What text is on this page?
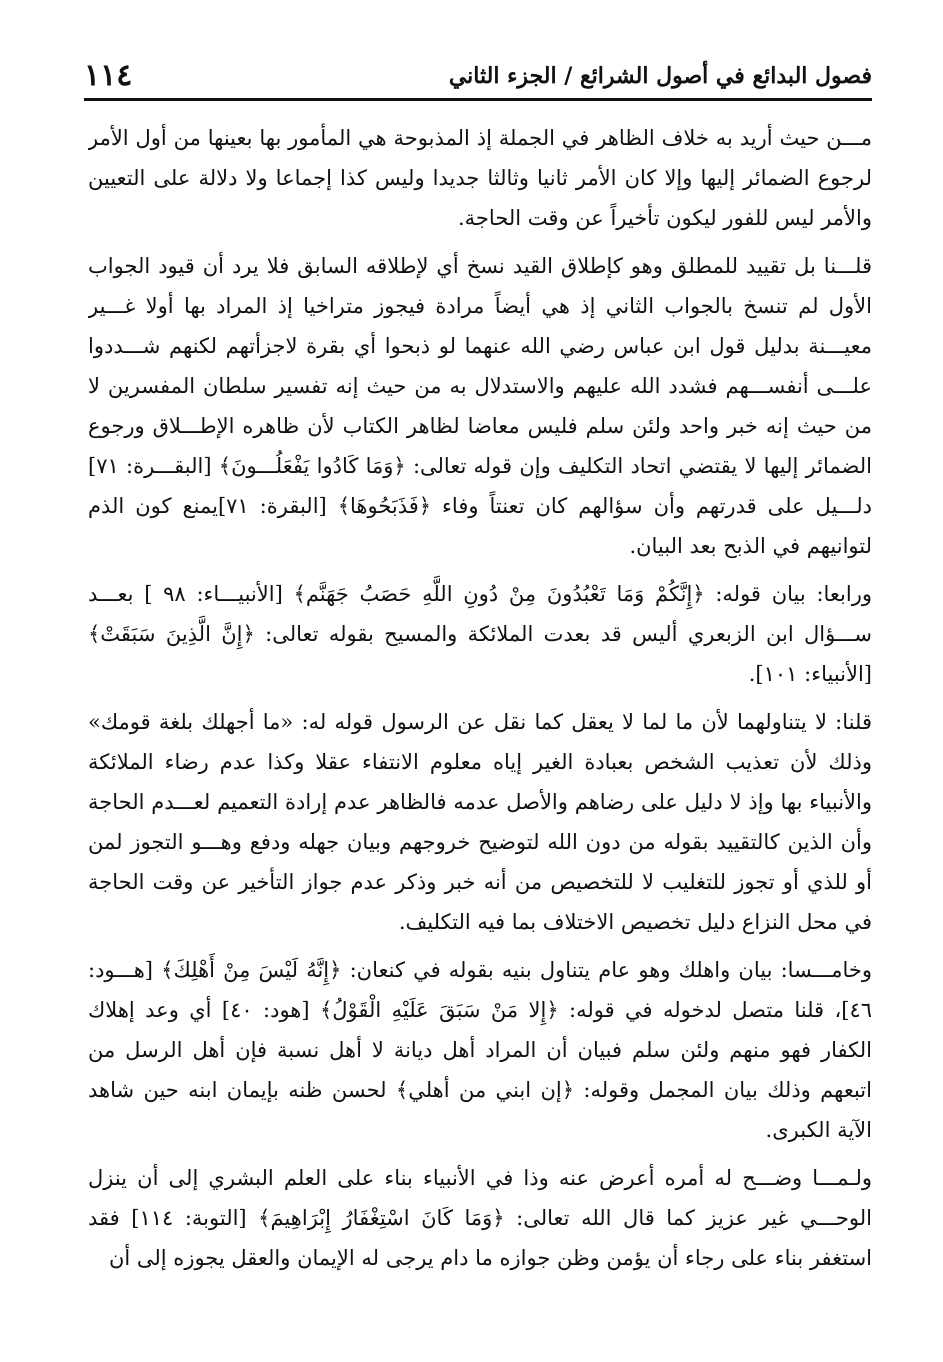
فصول البدائع في أصول الشرائع / الجزء الثاني
١١٤

مـــن حيث أريد به خلاف الظاهر في الجملة إذ المذبوحة هي المأمور بها بعينها من أول الأمر لرجوع الضمائر إليها وإلا كان الأمر ثانيا وثالثا جديدا وليس كذا إجماعا ولا دلالة على التعيين والأمر ليس للفور ليكون تأخيراً عن وقت الحاجة.

قلـــنا بل تقييد للمطلق وهو كإطلاق القيد نسخ أي لإطلاقه السابق فلا يرد أن قيود الجواب الأول لم تنسخ بالجواب الثاني إذ هي أيضاً مرادة فيجوز متراخيا إذ المراد بها أولا غـــير معيـــنة بدليل قول ابن عباس رضي الله عنهما لو ذبحوا أي بقرة لاجزأتهم لكنهم شـــددوا علـــى أنفســـهم فشدد الله عليهم والاستدلال به من حيث إنه تفسير سلطان المفسرين لا من حيث إنه خبر واحد ولئن سلم فليس معاضا لظاهر الكتاب لأن ظاهره الإطـــلاق ورجوع الضمائر إليها لا يقتضي اتحاد التكليف وإن قوله تعالى: ﴿وَمَا كَادُوا يَفْعَلُـــونَ﴾ [البقـــرة: ٧١] دلـــيل على قدرتهم وأن سؤالهم كان تعنتاً وفاء ﴿فَذَبَحُوهَا﴾ [البقرة: ٧١]يمنع كون الذم لتوانيهم في الذبح بعد البيان.

ورابعا: بيان قوله: ﴿إِنَّكُمْ وَمَا تَعْبُدُونَ مِنْ دُونِ اللَّهِ حَصَبُ جَهَنَّم﴾ [الأنبيـــاء: ٩٨ ] بعـــد ســـؤال ابن الزبعري أليس قد بعدت الملائكة والمسيح بقوله تعالى: ﴿إِنَّ الَّذِينَ سَبَقَتْ﴾ [الأنبياء: ١٠١].

قلنا: لا يتناولهما لأن ما لما لا يعقل كما نقل عن الرسول قوله له: «ما أجهلك بلغة قومك» وذلك لأن تعذيب الشخص بعبادة الغير إياه معلوم الانتفاء عقلا وكذا عدم رضاء الملائكة والأنبياء بها وإذ لا دليل على رضاهم والأصل عدمه فالظاهر عدم إرادة التعميم لعـــدم الحاجة وأن الذين كالتقييد بقوله من دون الله لتوضيح خروجهم وبيان جهله ودفع وهـــو التجوز لمن أو للذي أو تجوز للتغليب لا للتخصيص من أنه خبر وذكر عدم جواز التأخير عن وقت الحاجة في محل النزاع دليل تخصيص الاختلاف بما فيه التكليف.

وخامـــسا: بيان واهلك وهو عام يتناول بنيه بقوله في كنعان: ﴿إِنَّهُ لَيْسَ مِنْ أَهْلِكَ﴾ [هـــود: ٤٦]، قلنا متصل لدخوله في قوله: ﴿إِلا مَنْ سَبَقَ عَلَيْهِ الْقَوْلُ﴾ [هود: ٤٠] أي وعد إهلاك الكفار فهو منهم ولئن سلم فبيان أن المراد أهل ديانة لا أهل نسبة فإن أهل الرسل من اتبعهم وذلك بيان المجمل وقوله: ﴿إن ابني من أهلي﴾ لحسن ظنه بإيمان ابنه حين شاهد الآية الكبرى.

ولـمـــا وضـــح له أمره أعرض عنه وذا في الأنبياء بناء على العلم البشري إلى أن ينزل الوحـــي غير عزيز كما قال الله تعالى: ﴿وَمَا كَانَ اسْتِغْفَارُ إِبْرَاهِيمَ﴾ [التوبة: ١١٤] فقد استغفر بناء على رجاء أن يؤمن وظن جوازه ما دام يرجى له الإيمان والعقل يجوزه إلى أن
